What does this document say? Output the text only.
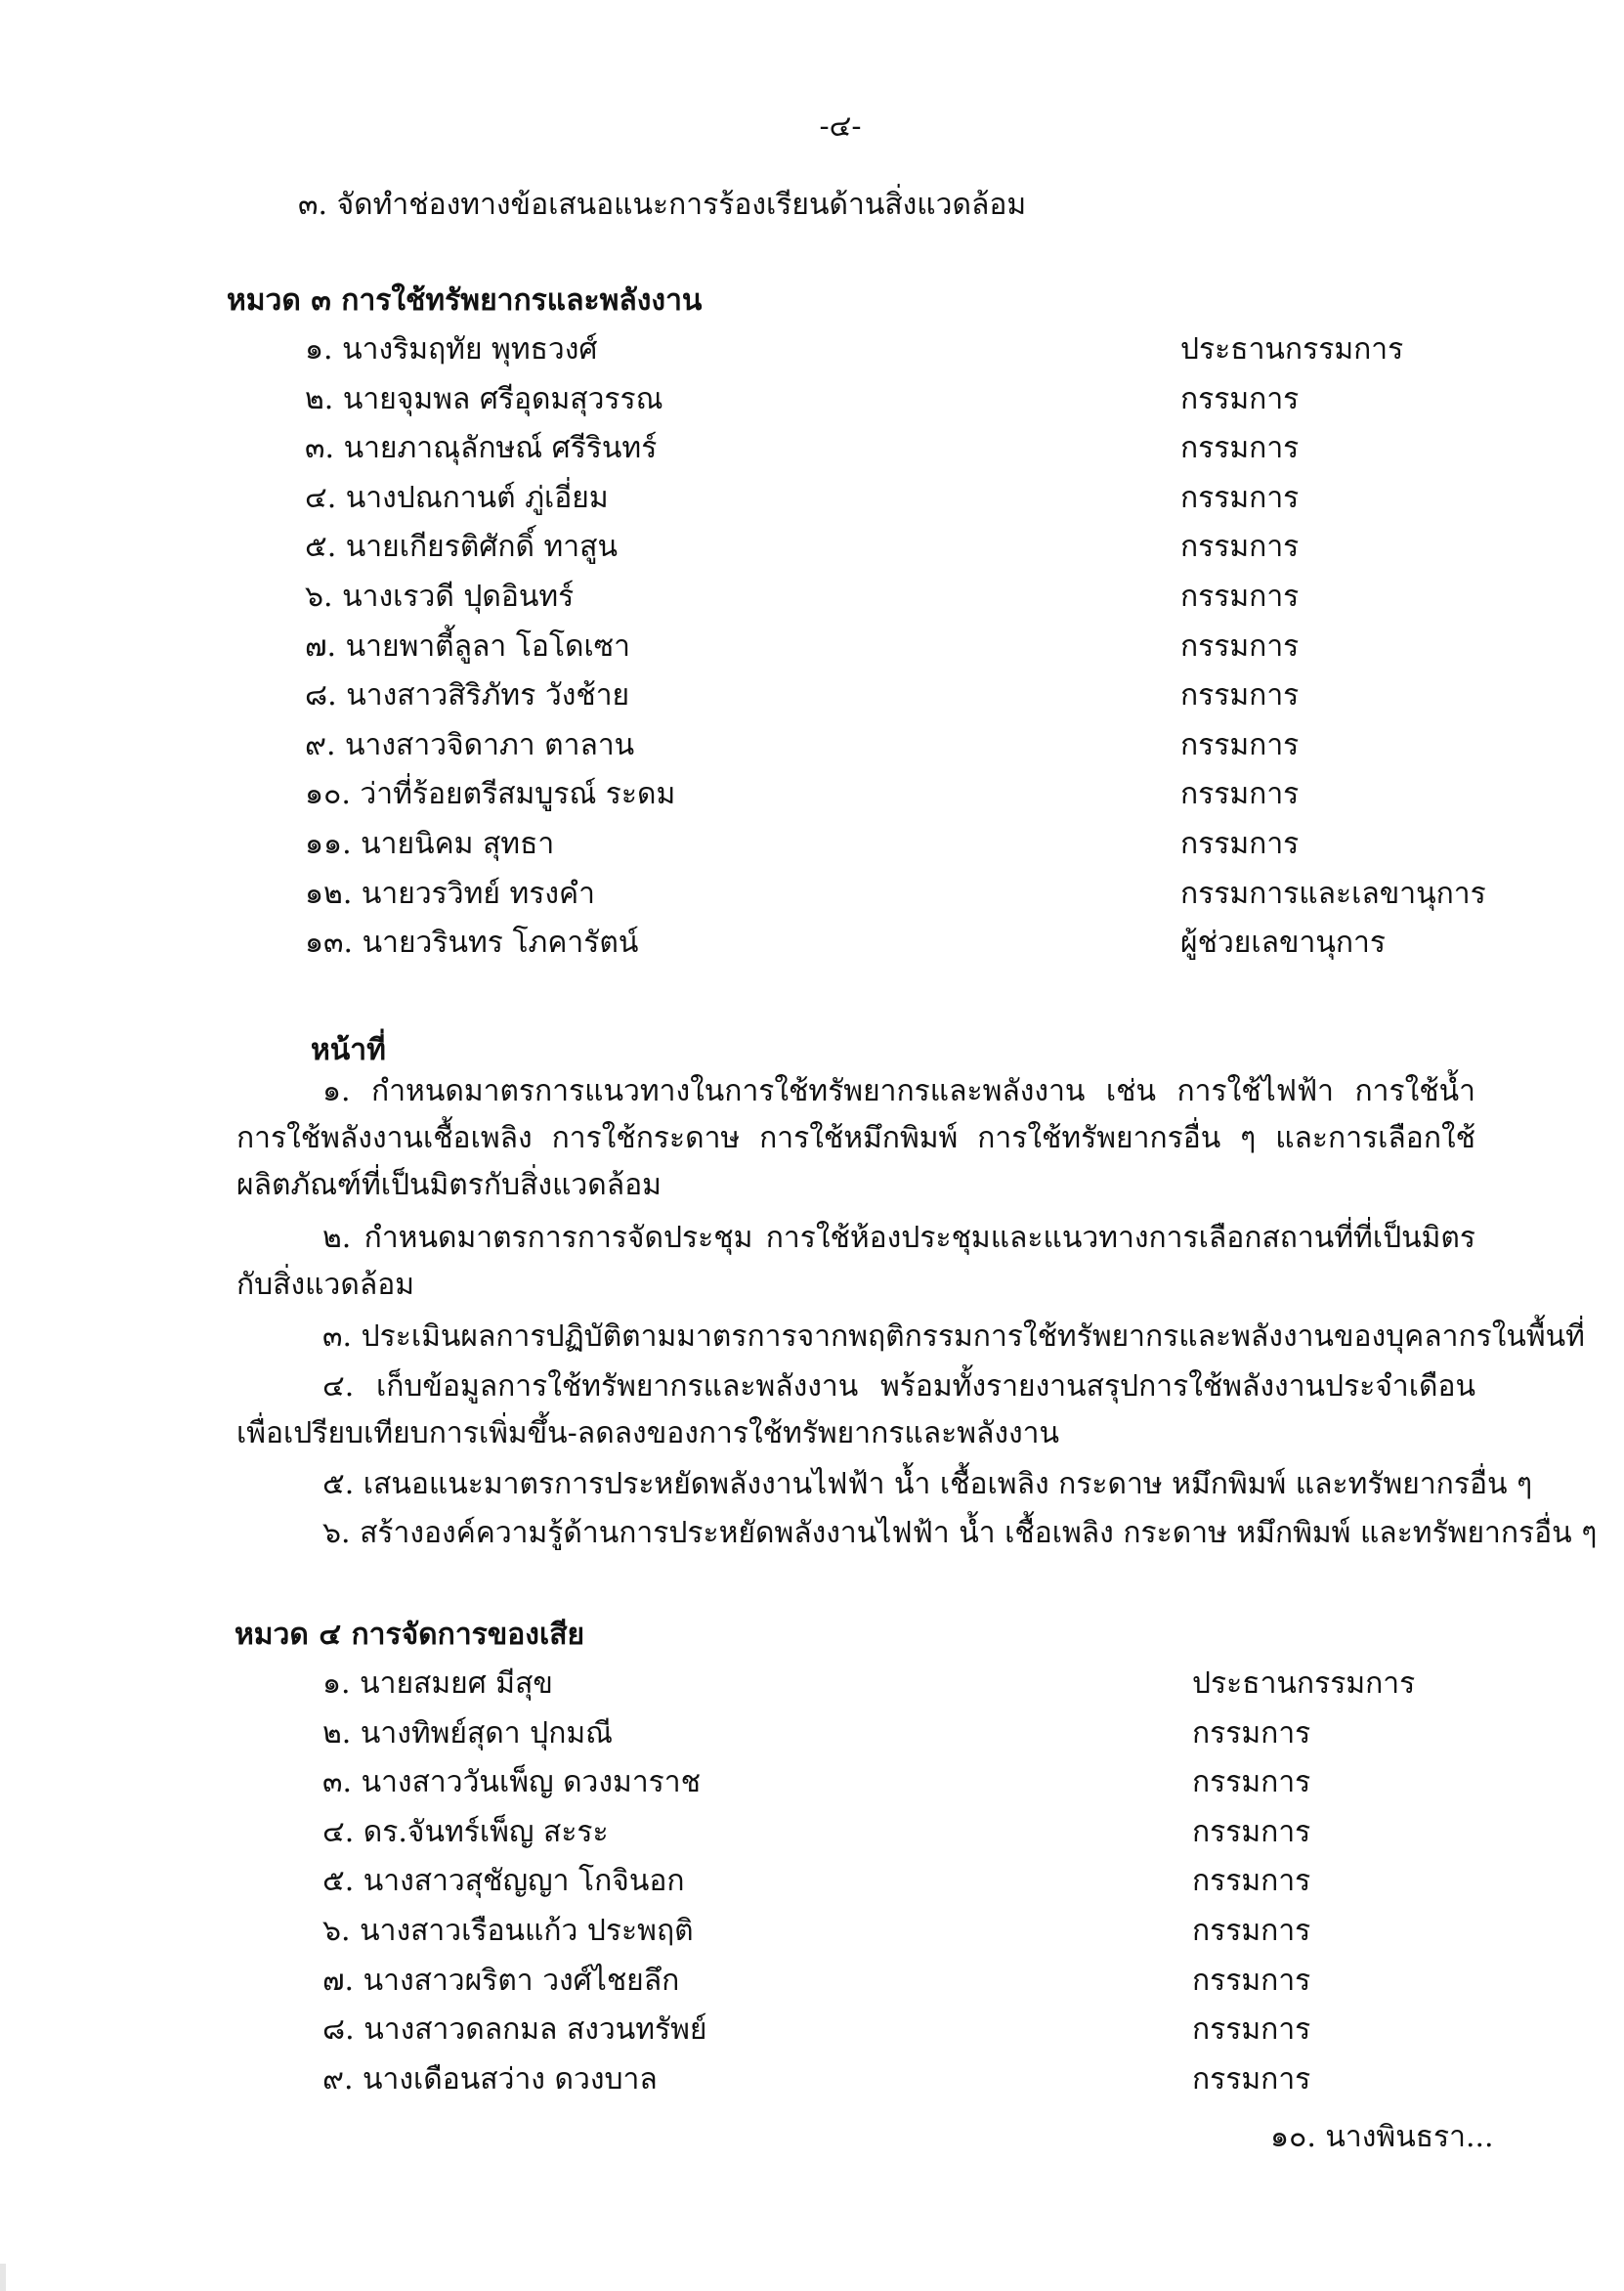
-๔-
๓. จัดทำช่องทางข้อเสนอแนะการร้องเรียนด้านสิ่งแวดล้อม
หมวด ๓ การใช้ทรัพยากรและพลังงาน
๑. นางริมฤทัย พุทธวงศ์	ประธานกรรมการ
๒. นายจุมพล ศรีอุดมสุวรรณ	กรรมการ
๓. นายภาณุลักษณ์ ศรีรินทร์	กรรมการ
๔. นางปณกานต์ ภู่เอี่ยม	กรรมการ
๕. นายเกียรติศักดิ์ ทาสูน	กรรมการ
๖. นางเรวดี ปุดอินทร์	กรรมการ
๗. นายพาตี้ลูลา โอโดเซา	กรรมการ
๘. นางสาวสิริภัทร วังช้าย	กรรมการ
๙. นางสาวจิดาภา ตาลาน	กรรมการ
๑๐. ว่าที่ร้อยตรีสมบูรณ์ ระดม	กรรมการ
๑๑. นายนิคม สุทธา	กรรมการ
๑๒. นายวรวิทย์ ทรงคำ	กรรมการและเลขานุการ
๑๓. นายวรินทร โภคารัตน์	ผู้ช่วยเลขานุการ
หน้าที่
๑. กำหนดมาตรการแนวทางในการใช้ทรัพยากรและพลังงาน เช่น การใช้ไฟฟ้า การใช้น้ำ การใช้พลังงานเชื้อเพลิง การใช้กระดาษ การใช้หมึกพิมพ์ การใช้ทรัพยากรอื่น ๆ และการเลือกใช้ผลิตภัณฑ์ที่เป็นมิตรกับสิ่งแวดล้อม
๒. กำหนดมาตรการการจัดประชุม การใช้ห้องประชุมและแนวทางการเลือกสถานที่ที่เป็นมิตรกับสิ่งแวดล้อม
๓. ประเมินผลการปฏิบัติตามมาตรการจากพฤติกรรมการใช้ทรัพยากรและพลังงานของบุคลากรในพื้นที่
๔. เก็บข้อมูลการใช้ทรัพยากรและพลังงาน พร้อมทั้งรายงานสรุปการใช้พลังงานประจำเดือน เพื่อเปรียบเทียบการเพิ่มขึ้น-ลดลงของการใช้ทรัพยากรและพลังงาน
๕. เสนอแนะมาตรการประหยัดพลังงานไฟฟ้า น้ำ เชื้อเพลิง กระดาษ หมึกพิมพ์ และทรัพยากรอื่น ๆ
๖. สร้างองค์ความรู้ด้านการประหยัดพลังงานไฟฟ้า น้ำ เชื้อเพลิง กระดาษ หมึกพิมพ์ และทรัพยากรอื่น ๆ
หมวด ๔ การจัดการของเสีย
๑. นายสมยศ มีสุข	ประธานกรรมการ
๒. นางทิพย์สุดา ปุกมณี	กรรมการ
๓. นางสาววันเพ็ญ ดวงมาราช	กรรมการ
๔. ดร.จันทร์เพ็ญ สะระ	กรรมการ
๕. นางสาวสุชัญญา โกจินอก	กรรมการ
๖. นางสาวเรือนแก้ว ประพฤติ	กรรมการ
๗. นางสาวผริตา วงศ์ไชยลึก	กรรมการ
๘. นางสาวดลกมล สงวนทรัพย์	กรรมการ
๙. นางเดือนสว่าง ดวงบาล	กรรมการ
๑๐. นางพินธรา...
